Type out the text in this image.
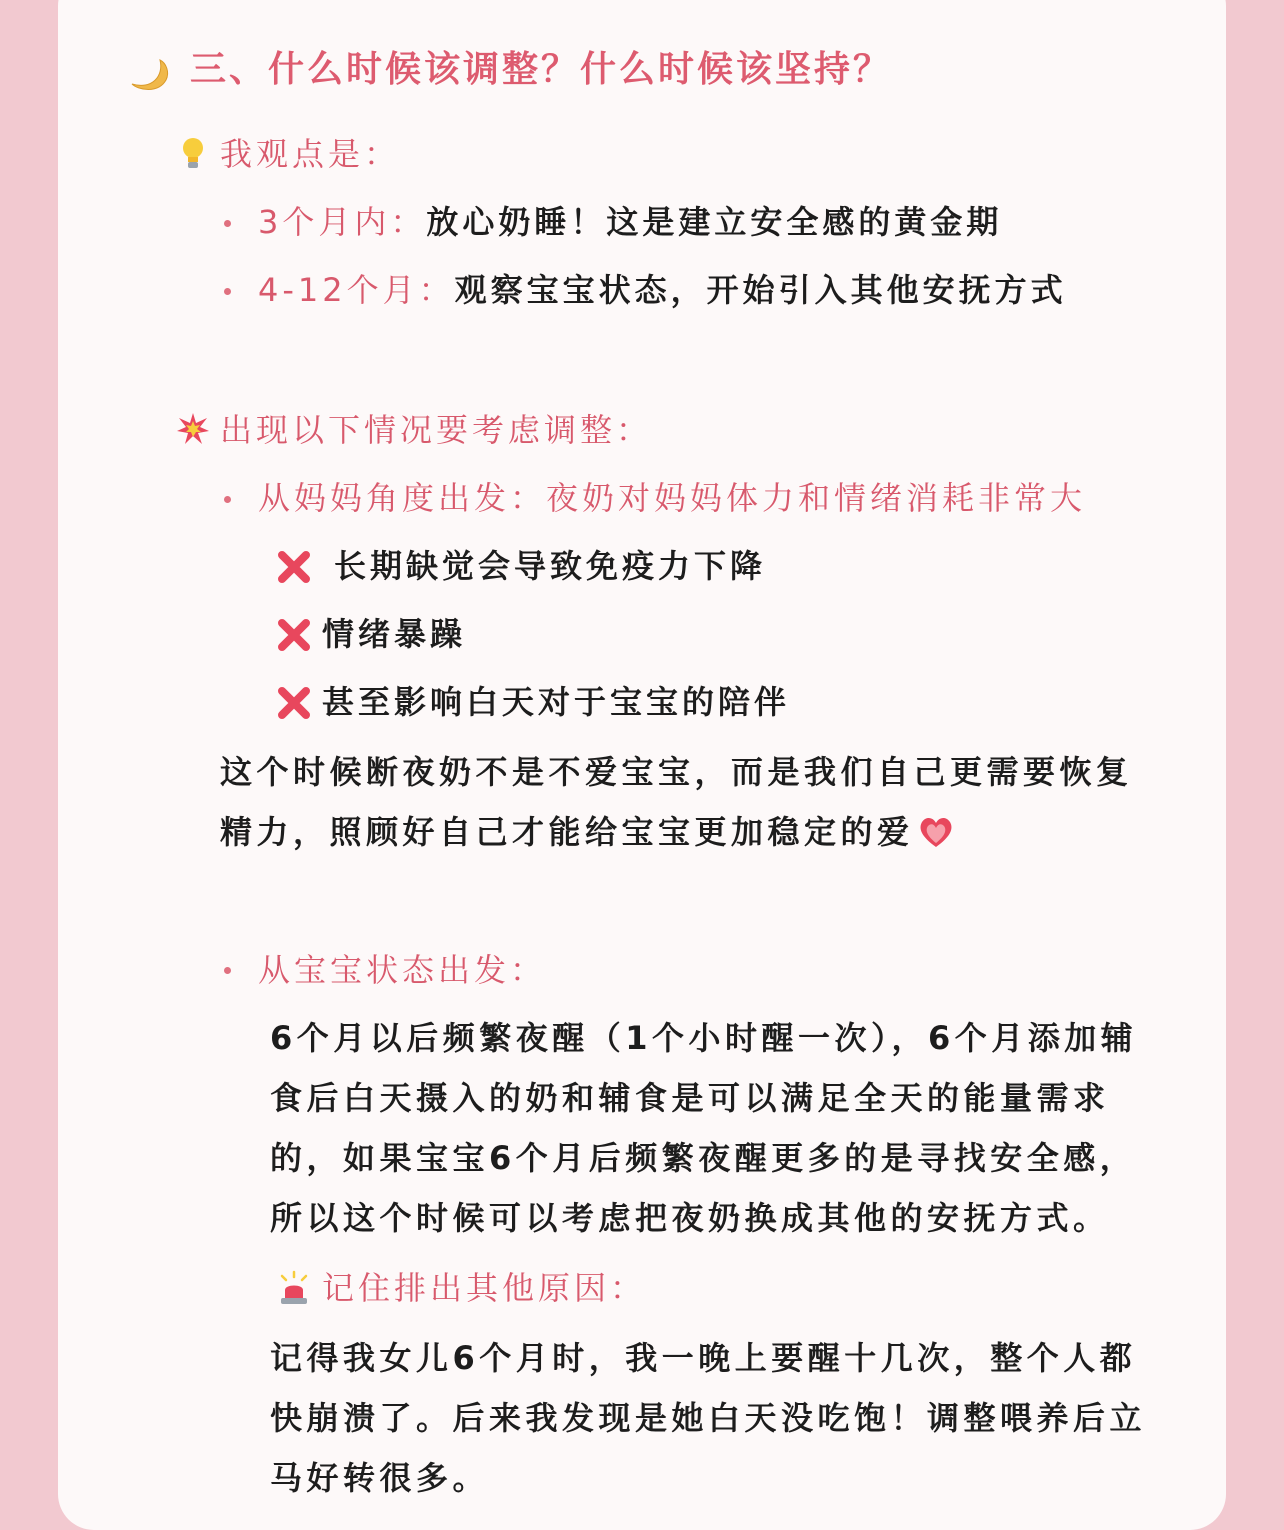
三、什么时候该调整？什么时候该坚持？
我观点是：
3个月内：放心奶睡！这是建立安全感的黄金期
4-12个月：观察宝宝状态，开始引入其他安抚方式
出现以下情况要考虑调整：
从妈妈角度出发：夜奶对妈妈体力和情绪消耗非常大
长期缺觉会导致免疫力下降
情绪暴躁
甚至影响白天对于宝宝的陪伴
这个时候断夜奶不是不爱宝宝，而是我们自己更需要恢复
精力，照顾好自己才能给宝宝更加稳定的爱
从宝宝状态出发：
6个月以后频繁夜醒（1个小时醒一次），6个月添加辅
食后白天摄入的奶和辅食是可以满足全天的能量需求
的，如果宝宝6个月后频繁夜醒更多的是寻找安全感，
所以这个时候可以考虑把夜奶换成其他的安抚方式。
记住排出其他原因：
记得我女儿6个月时，我一晚上要醒十几次，整个人都
快崩溃了。后来我发现是她白天没吃饱！调整喂养后立
马好转很多。
